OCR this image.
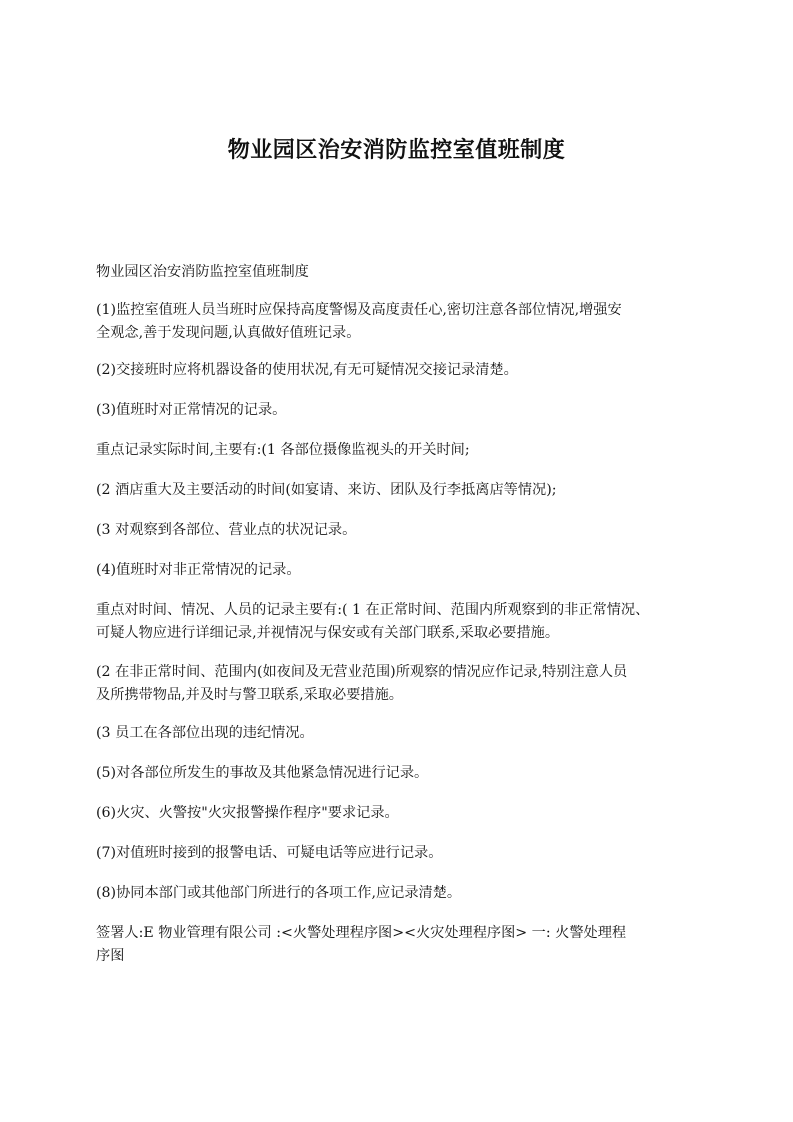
物业园区治安消防监控室值班制度

物业园区治安消防监控室值班制度

(1)监控室值班人员当班时应保持高度警惕及高度责任心,密切注意各部位情况,增强安

全观念,善于发现问题,认真做好值班记录。

(2)交接班时应将机器设备的使用状况,有无可疑情况交接记录清楚。

(3)值班时对正常情况的记录。

重点记录实际时间,主要有:(1 各部位摄像监视头的开关时间;

(2 酒店重大及主要活动的时间(如宴请、来访、团队及行李抵离店等情况);

(3 对观察到各部位、营业点的状况记录。

(4)值班时对非正常情况的记录。

重点对时间、情况、人员的记录主要有:( 1 在正常时间、范围内所观察到的非正常情况、

可疑人物应进行详细记录,并视情况与保安或有关部门联系,采取必要措施。

(2 在非正常时间、范围内(如夜间及无营业范围)所观察的情况应作记录,特别注意人员

及所携带物品,并及时与警卫联系,采取必要措施。

(3 员工在各部位出现的违纪情况。

(5)对各部位所发生的事故及其他紧急情况进行记录。

(6)火灾、火警按"火灾报警操作程序"要求记录。

(7)对值班时接到的报警电话、可疑电话等应进行记录。

(8)协同本部门或其他部门所进行的各项工作,应记录清楚。

签署人:E 物业管理有限公司 :<火警处理程序图><火灾处理程序图> 一: 火警处理程

序图
